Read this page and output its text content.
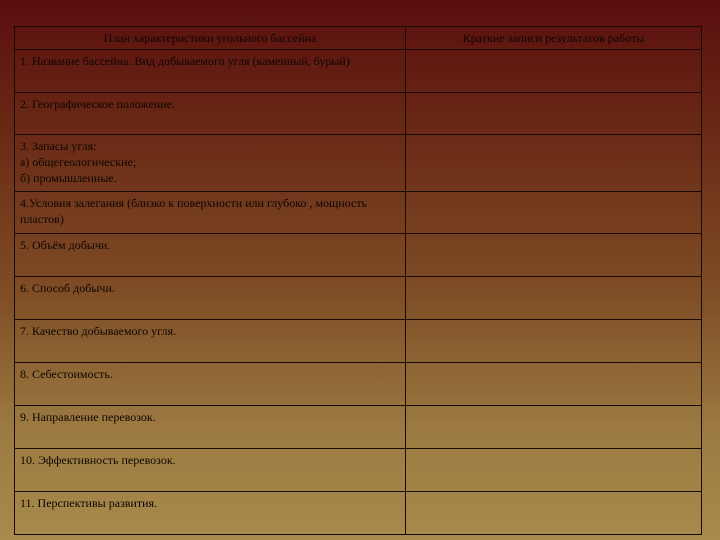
План характеристики угольного бассейна	Краткие записи результатов работы

1. Название бассейна. Вид добываемого угля (каменный, бурый)	

2. Географическое положение.	

3. Запасы угля:
а) общегеологические;
б) промышленные.	

4.Условия залегания (близко к поверхности или глубоко , мощность пластов)	

5. Объём добычи.	

6. Способ добычи.	

7. Качество добываемого угля.	

8. Себестоимость.	

9. Направление перевозок.	

10. Эффективность перевозок.	

11. Перспективы развития.	
